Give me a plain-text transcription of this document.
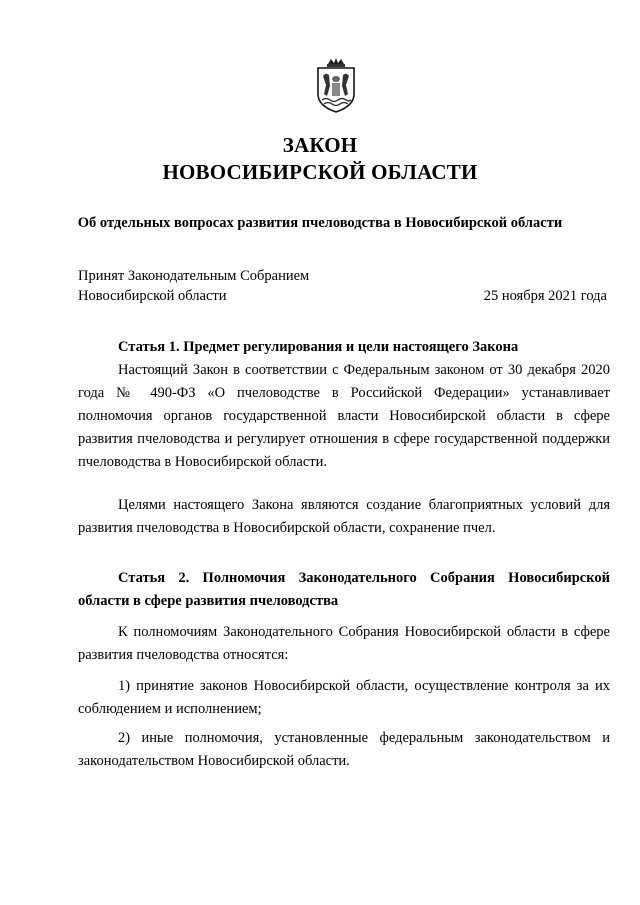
ЗАКОН
НОВОСИБИРСКОЙ ОБЛАСТИ
Об отдельных вопросах развития пчеловодства в Новосибирской области
Принят Законодательным Собранием
Новосибирской области	25 ноября 2021 года
Статья 1. Предмет регулирования и цели настоящего Закона
Настоящий Закон в соответствии с Федеральным законом от 30 декабря 2020 года № 490-ФЗ «О пчеловодстве в Российской Федерации» устанавливает полномочия органов государственной власти Новосибирской области в сфере развития пчеловодства и регулирует отношения в сфере государственной поддержки пчеловодства в Новосибирской области.
Целями настоящего Закона являются создание благоприятных условий для развития пчеловодства в Новосибирской области, сохранение пчел.
Статья 2. Полномочия Законодательного Собрания Новосибирской области в сфере развития пчеловодства
К полномочиям Законодательного Собрания Новосибирской области в сфере развития пчеловодства относятся:
1) принятие законов Новосибирской области, осуществление контроля за их соблюдением и исполнением;
2) иные полномочия, установленные федеральным законодательством и законодательством Новосибирской области.
